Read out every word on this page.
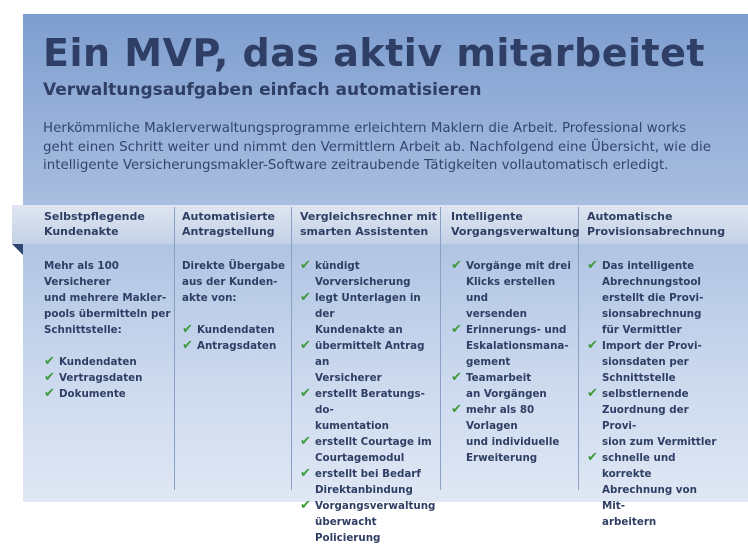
Ein MVP, das aktiv mitarbeitet
Verwaltungsaufgaben einfach automatisieren

Herkömmliche Maklerverwaltungsprogramme erleichtern Maklern die Arbeit. Professional works
geht einen Schritt weiter und nimmt den Vermittlern Arbeit ab. Nachfolgend eine Übersicht, wie die
intelligente Versicherungsmakler-Software zeitraubende Tätigkeiten vollautomatisch erledigt.

Selbstpflegende
Kundenakte
Automatisierte
Antragstellung
Vergleichsrechner mit
smarten Assistenten
Intelligente
Vorgangsverwaltung
Automatische
Provisionsabrechnung

Mehr als 100 Versicherer
und mehrere Makler-
pools übermitteln per
Schnittstelle:

✔ Kundendaten
✔ Vertragsdaten
✔ Dokumente

Direkte Übergabe
aus der Kunden-
akte von:

✔ Kundendaten
✔ Antragsdaten
✔ kündigt
Vorversicherung
✔ legt Unterlagen in der
Kundenakte an
✔ übermittelt Antrag an
Versicherer
✔ erstellt Beratungs-do-
kumentation
✔ erstellt Courtage im
Courtagemodul
✔ erstellt bei Bedarf
Direktanbindung
✔ Vorgangsverwaltung
überwacht Policierung
✔ Vorgänge mit drei
Klicks erstellen und
versenden
✔ Erinnerungs- und
Eskalationsmana-
gement
✔ Teamarbeit
an Vorgängen
✔ mehr als 80 Vorlagen
und individuelle
Erweiterung
✔ Das intelligente
Abrechnungstool
erstellt die Provi-
sionsabrechnung
für Vermittler
✔ Import der Provi-
sionsdaten per
Schnittstelle
✔ selbstlernende
Zuordnung der Provi-
sion zum Vermittler
✔ schnelle und korrekte
Abrechnung von Mit-
arbeitern
